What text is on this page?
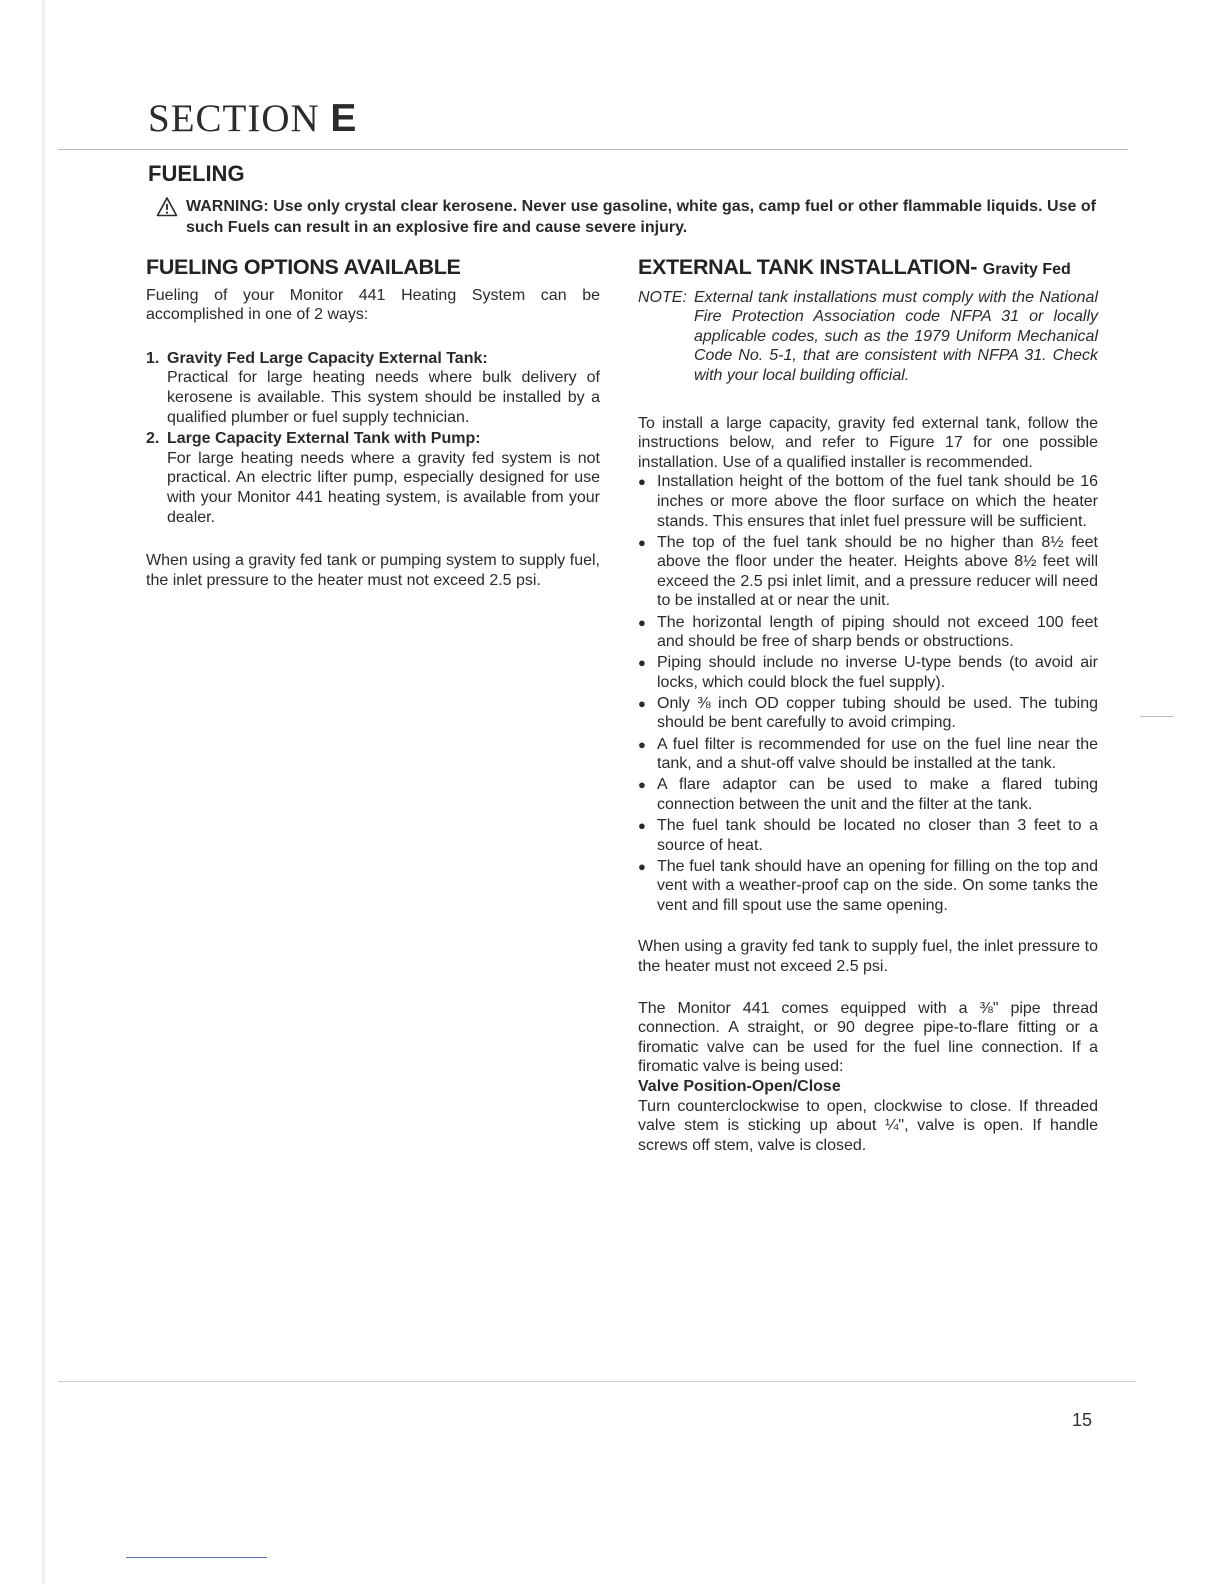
SECTION E
FUELING
WARNING: Use only crystal clear kerosene. Never use gasoline, white gas, camp fuel or other flammable liquids. Use of such Fuels can result in an explosive fire and cause severe injury.
FUELING OPTIONS AVAILABLE

Fueling of your Monitor 441 Heating System can be accomplished in one of 2 ways:

1. Gravity Fed Large Capacity External Tank:
Practical for large heating needs where bulk delivery of kerosene is available. This system should be installed by a qualified plumber or fuel supply technician.
2. Large Capacity External Tank with Pump:
For large heating needs where a gravity fed system is not practical. An electric lifter pump, especially designed for use with your Monitor 441 heating system, is available from your dealer.

When using a gravity fed tank or pumping system to supply fuel, the inlet pressure to the heater must not exceed 2.5 psi.

EXTERNAL TANK INSTALLATION- Gravity Fed
NOTE: External tank installations must comply with the National Fire Protection Association code NFPA 31 or locally applicable codes, such as the 1979 Uniform Mechanical Code No. 5-1, that are consistent with NFPA 31. Check with your local building official.

To install a large capacity, gravity fed external tank, follow the instructions below, and refer to Figure 17 for one possible installation. Use of a qualified installer is recommended.

● Installation height of the bottom of the fuel tank should be 16 inches or more above the floor surface on which the heater stands. This ensures that inlet fuel pressure will be sufficient.
● The top of the fuel tank should be no higher than 8½ feet above the floor under the heater. Heights above 8½ feet will exceed the 2.5 psi inlet limit, and a pressure reducer will need to be installed at or near the unit.
● The horizontal length of piping should not exceed 100 feet and should be free of sharp bends or obstructions.
● Piping should include no inverse U-type bends (to avoid air locks, which could block the fuel supply).
● Only ⅜ inch OD copper tubing should be used. The tubing should be bent carefully to avoid crimping.
● A fuel filter is recommended for use on the fuel line near the tank, and a shut-off valve should be installed at the tank.
● A flare adaptor can be used to make a flared tubing connection between the unit and the filter at the tank.
● The fuel tank should be located no closer than 3 feet to a source of heat.
● The fuel tank should have an opening for filling on the top and vent with a weather-proof cap on the side. On some tanks the vent and fill spout use the same opening.

When using a gravity fed tank to supply fuel, the inlet pressure to the heater must not exceed 2.5 psi.

The Monitor 441 comes equipped with a ⅜" pipe thread connection. A straight, or 90 degree pipe-to-flare fitting or a firomatic valve can be used for the fuel line connection. If a firomatic valve is being used:

Valve Position-Open/Close

Turn counterclockwise to open, clockwise to close. If threaded valve stem is sticking up about ¼", valve is open. If handle screws off stem, valve is closed.

15
